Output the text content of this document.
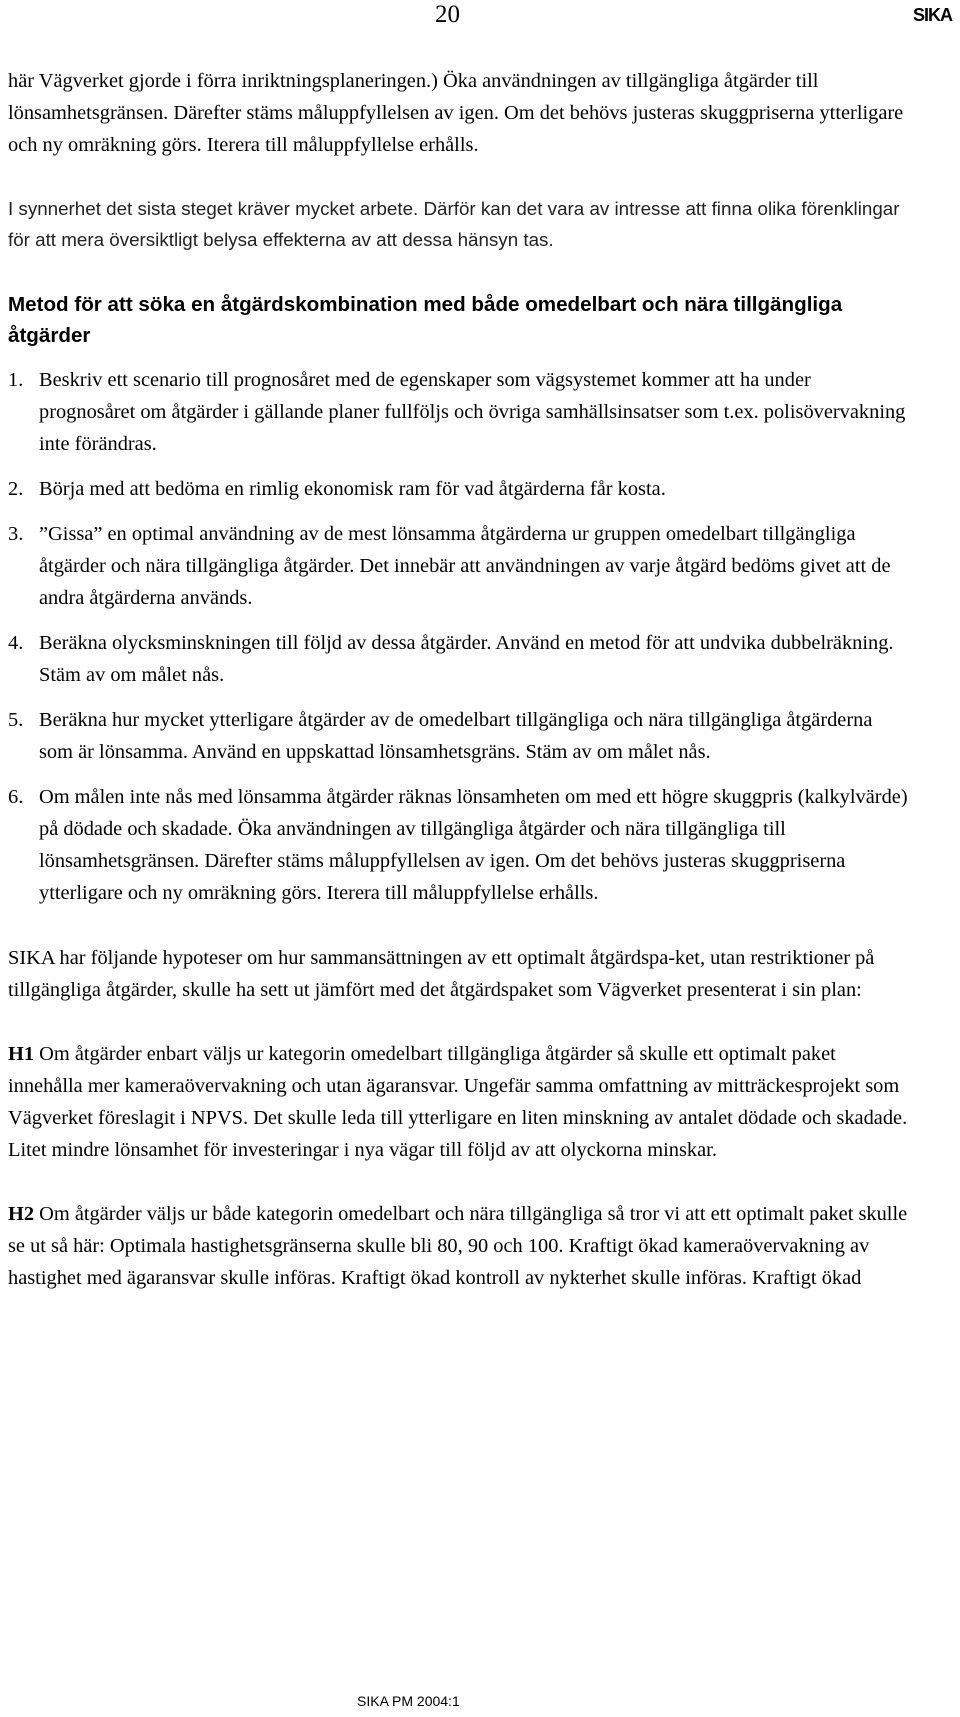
20	SIKA

här Vägverket gjorde i förra inriktningsplaneringen.) Öka användningen av tillgängliga åtgärder till lönsamhetsgränsen. Därefter stäms måluppfyllelsen av igen. Om det behövs justeras skuggpriserna ytterligare och ny omräkning görs. Iterera till måluppfyllelse erhålls.

I synnerhet det sista steget kräver mycket arbete. Därför kan det vara av intresse att finna olika förenklingar för att mera översiktligt belysa effekterna av att dessa hänsyn tas.

Metod för att söka en åtgärdskombination med både omedelbart och nära tillgängliga åtgärder
1. Beskriv ett scenario till prognosåret med de egenskaper som vägsystemet kommer att ha under prognosåret om åtgärder i gällande planer fullföljs och övriga samhällsinsatser som t.ex. polisövervakning inte förändras.
2. Börja med att bedöma en rimlig ekonomisk ram för vad åtgärderna får kosta.
3. ”Gissa” en optimal användning av de mest lönsamma åtgärderna ur gruppen omedelbart tillgängliga åtgärder och nära tillgängliga åtgärder. Det innebär att användningen av varje åtgärd bedöms givet att de andra åtgärderna används.
4. Beräkna olycksminskningen till följd av dessa åtgärder. Använd en metod för att undvika dubbelräkning. Stäm av om målet nås.
5. Beräkna hur mycket ytterligare åtgärder av de omedelbart tillgängliga och nära tillgängliga åtgärderna som är lönsamma. Använd en uppskattad lönsamhetsgräns. Stäm av om målet nås.
6. Om målen inte nås med lönsamma åtgärder räknas lönsamheten om med ett högre skuggpris (kalkylvärde) på dödade och skadade. Öka användningen av tillgängliga åtgärder och nära tillgängliga till lönsamhetsgränsen. Därefter stäms måluppfyllelsen av igen. Om det behövs justeras skuggpriserna ytterligare och ny omräkning görs. Iterera till måluppfyllelse erhålls.

SIKA har följande hypoteser om hur sammansättningen av ett optimalt åtgärdspa-ket, utan restriktioner på tillgängliga åtgärder, skulle ha sett ut jämfört med det åtgärdspaket som Vägverket presenterat i sin plan:

H1 Om åtgärder enbart väljs ur kategorin omedelbart tillgängliga åtgärder så skulle ett optimalt paket innehålla mer kameraövervakning och utan ägaransvar. Ungefär samma omfattning av mitträckesprojekt som Vägverket föreslagit i NPVS. Det skulle leda till ytterligare en liten minskning av antalet dödade och skadade. Litet mindre lönsamhet för investeringar i nya vägar till följd av att olyckorna minskar.

H2 Om åtgärder väljs ur både kategorin omedelbart och nära tillgängliga så tror vi att ett optimalt paket skulle se ut så här: Optimala hastighetsgränserna skulle bli 80, 90 och 100. Kraftigt ökad kameraövervakning av hastighet med ägaransvar skulle införas. Kraftigt ökad kontroll av nykterhet skulle införas. Kraftigt ökad

SIKA PM 2004:1
